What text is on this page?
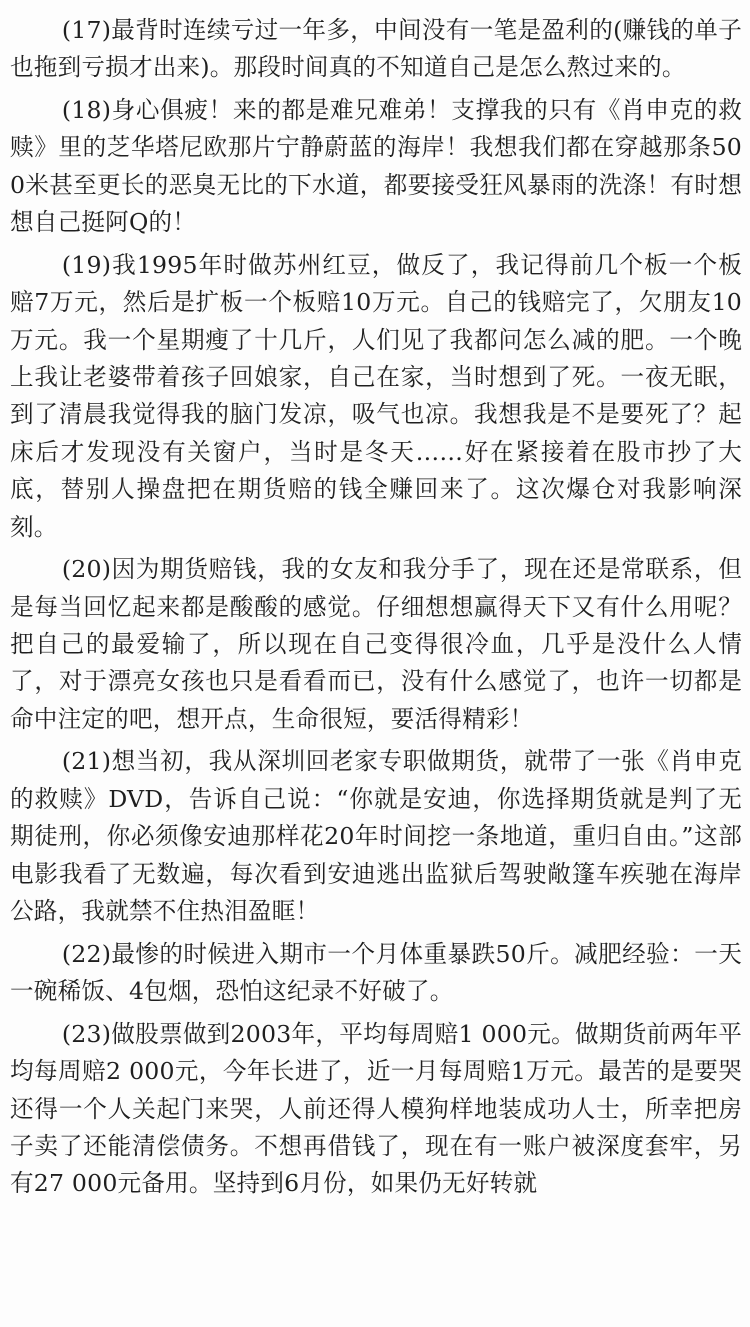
(17)最背时连续亏过一年多，中间没有一笔是盈利的(赚钱的单子也拖到亏损才出来)。那段时间真的不知道自己是怎么熬过来的。

(18)身心俱疲！来的都是难兄难弟！支撑我的只有《肖申克的救赎》里的芝华塔尼欧那片宁静蔚蓝的海岸！我想我们都在穿越那条500米甚至更长的恶臭无比的下水道，都要接受狂风暴雨的洗涤！有时想想自己挺阿Q的！

(19)我1995年时做苏州红豆，做反了，我记得前几个板一个板赔7万元，然后是扩板一个板赔10万元。自己的钱赔完了，欠朋友10万元。我一个星期瘦了十几斤，人们见了我都问怎么减的肥。一个晚上我让老婆带着孩子回娘家，自己在家，当时想到了死。一夜无眠，到了清晨我觉得我的脑门发凉，吸气也凉。我想我是不是要死了？起床后才发现没有关窗户，当时是冬天……好在紧接着在股市抄了大底，替别人操盘把在期货赔的钱全赚回来了。这次爆仓对我影响深刻。

(20)因为期货赔钱，我的女友和我分手了，现在还是常联系，但是每当回忆起来都是酸酸的感觉。仔细想想赢得天下又有什么用呢？把自己的最爱输了，所以现在自己变得很冷血，几乎是没什么人情了，对于漂亮女孩也只是看看而已，没有什么感觉了，也许一切都是命中注定的吧，想开点，生命很短，要活得精彩！

(21)想当初，我从深圳回老家专职做期货，就带了一张《肖申克的救赎》DVD，告诉自己说：“你就是安迪，你选择期货就是判了无期徒刑，你必须像安迪那样花20年时间挖一条地道，重归自由。”这部电影我看了无数遍，每次看到安迪逃出监狱后驾驶敞篷车疾驰在海岸公路，我就禁不住热泪盈眶！

(22)最惨的时候进入期市一个月体重暴跌50斤。减肥经验：一天一碗稀饭、4包烟，恐怕这纪录不好破了。

(23)做股票做到2003年，平均每周赔1 000元。做期货前两年平均每周赔2 000元，今年长进了，近一月每周赔1万元。最苦的是要哭还得一个人关起门来哭，人前还得人模狗样地装成功人士，所幸把房子卖了还能清偿债务。不想再借钱了，现在有一账户被深度套牢，另有27 000元备用。坚持到6月份，如果仍无好转就
